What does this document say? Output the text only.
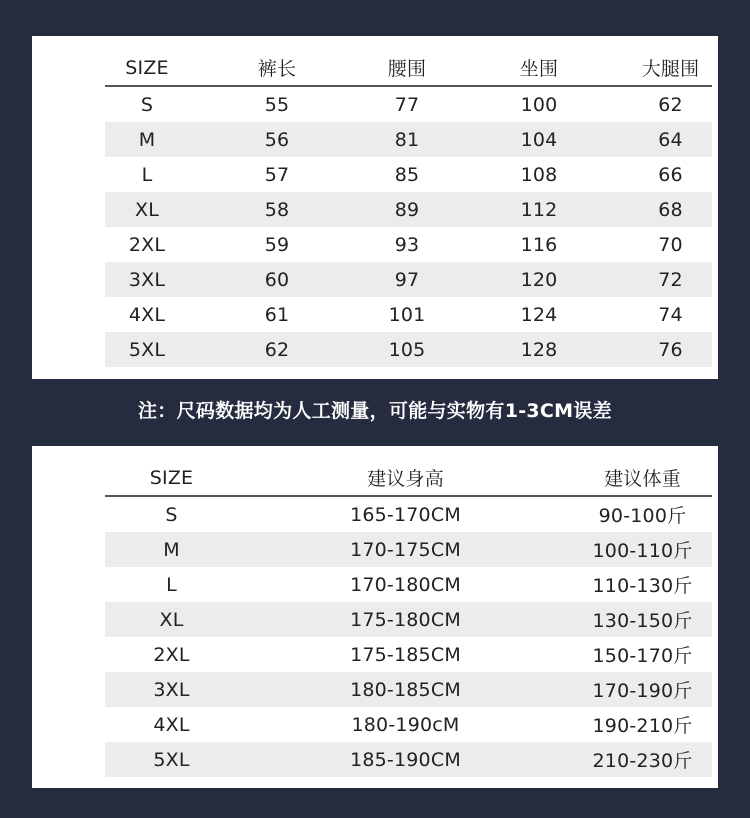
SIZE	裤长	腰围	坐围	大腿围
S	55	77	100	62
M	56	81	104	64
L	57	85	108	66
XL	58	89	112	68
2XL	59	93	116	70
3XL	60	97	120	72
4XL	61	101	124	74
5XL	62	105	128	76
注：尺码数据均为人工测量，可能与实物有1-3CM误差
SIZE	建议身高	建议体重
S	165-170CM	90-100斤
M	170-175CM	100-110斤
L	170-180CM	110-130斤
XL	175-180CM	130-150斤
2XL	175-185CM	150-170斤
3XL	180-185CM	170-190斤
4XL	180-190cM	190-210斤
5XL	185-190CM	210-230斤
